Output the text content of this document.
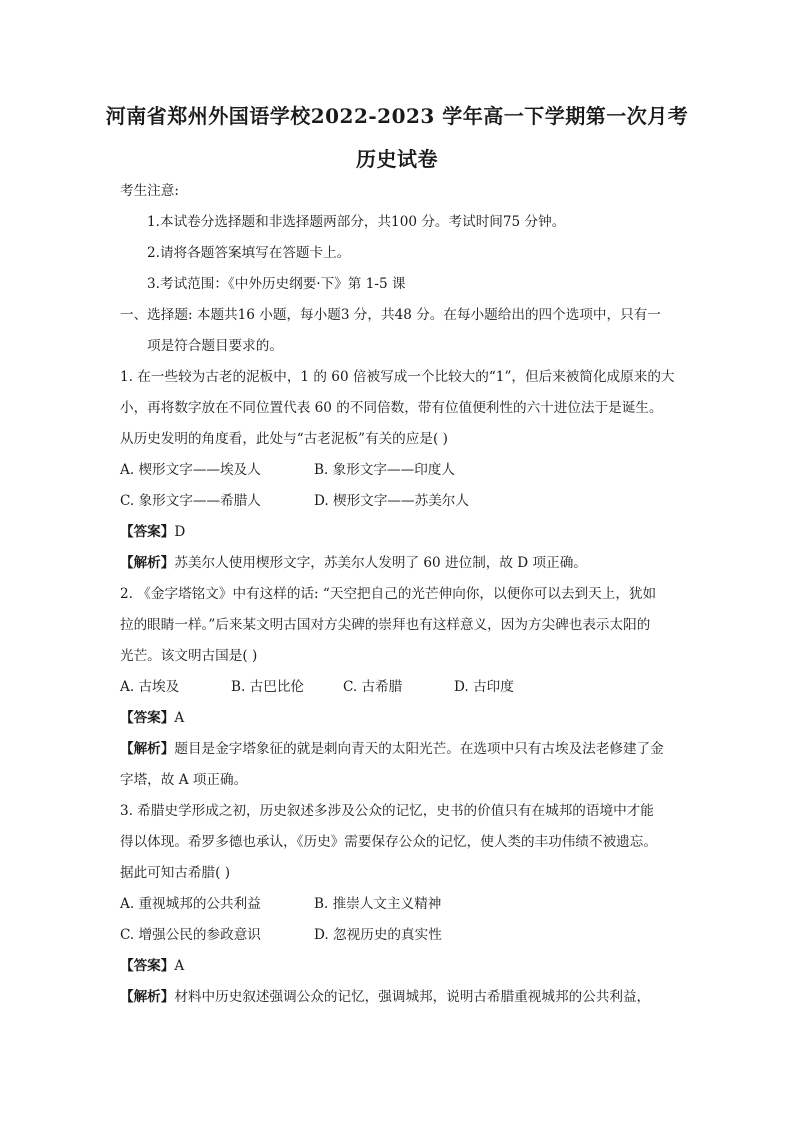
河南省郑州外国语学校2022-2023 学年高一下学期第一次月考
历史试卷
考生注意:
1.本试卷分选择题和非选择题两部分，共100 分。考试时间75 分钟。
2.请将各题答案填写在答题卡上。
3.考试范围：《中外历史纲要·下》第 1-5 课
一、选择题: 本题共16 小题，每小题3 分，共48 分。在每小题给出的四个选项中，只有一
项是符合题目要求的。
1. 在一些较为古老的泥板中，1 的 60 倍被写成一个比较大的“1”，但后来被简化成原来的大
小，再将数字放在不同位置代表 60 的不同倍数，带有位值便利性的六十进位法于是诞生。
从历史发明的角度看，此处与“古老泥板”有关的应是( )
A. 楔形文字——埃及人	B. 象形文字——印度人
C. 象形文字——希腊人	D. 楔形文字——苏美尔人
【答案】D
【解析】苏美尔人使用楔形文字，苏美尔人发明了 60 进位制，故 D 项正确。
2. 《金字塔铭文》中有这样的话: “天空把自己的光芒伸向你，以便你可以去到天上，犹如
拉的眼睛一样。”后来某文明古国对方尖碑的崇拜也有这样意义，因为方尖碑也表示太阳的
光芒。该文明古国是( )
A. 古埃及	B. 古巴比伦	C. 古希腊	D. 古印度
【答案】A
【解析】题目是金字塔象征的就是刺向青天的太阳光芒。在选项中只有古埃及法老修建了金
字塔，故 A 项正确。
3. 希腊史学形成之初，历史叙述多涉及公众的记忆，史书的价值只有在城邦的语境中才能
得以体现。希罗多德也承认，《历史》需要保存公众的记忆，使人类的丰功伟绩不被遗忘。
据此可知古希腊( )
A. 重视城邦的公共利益	B. 推崇人文主义精神
C. 增强公民的参政意识	D. 忽视历史的真实性
【答案】A
【解析】材料中历史叙述强调公众的记忆，强调城邦，说明古希腊重视城邦的公共利益，
